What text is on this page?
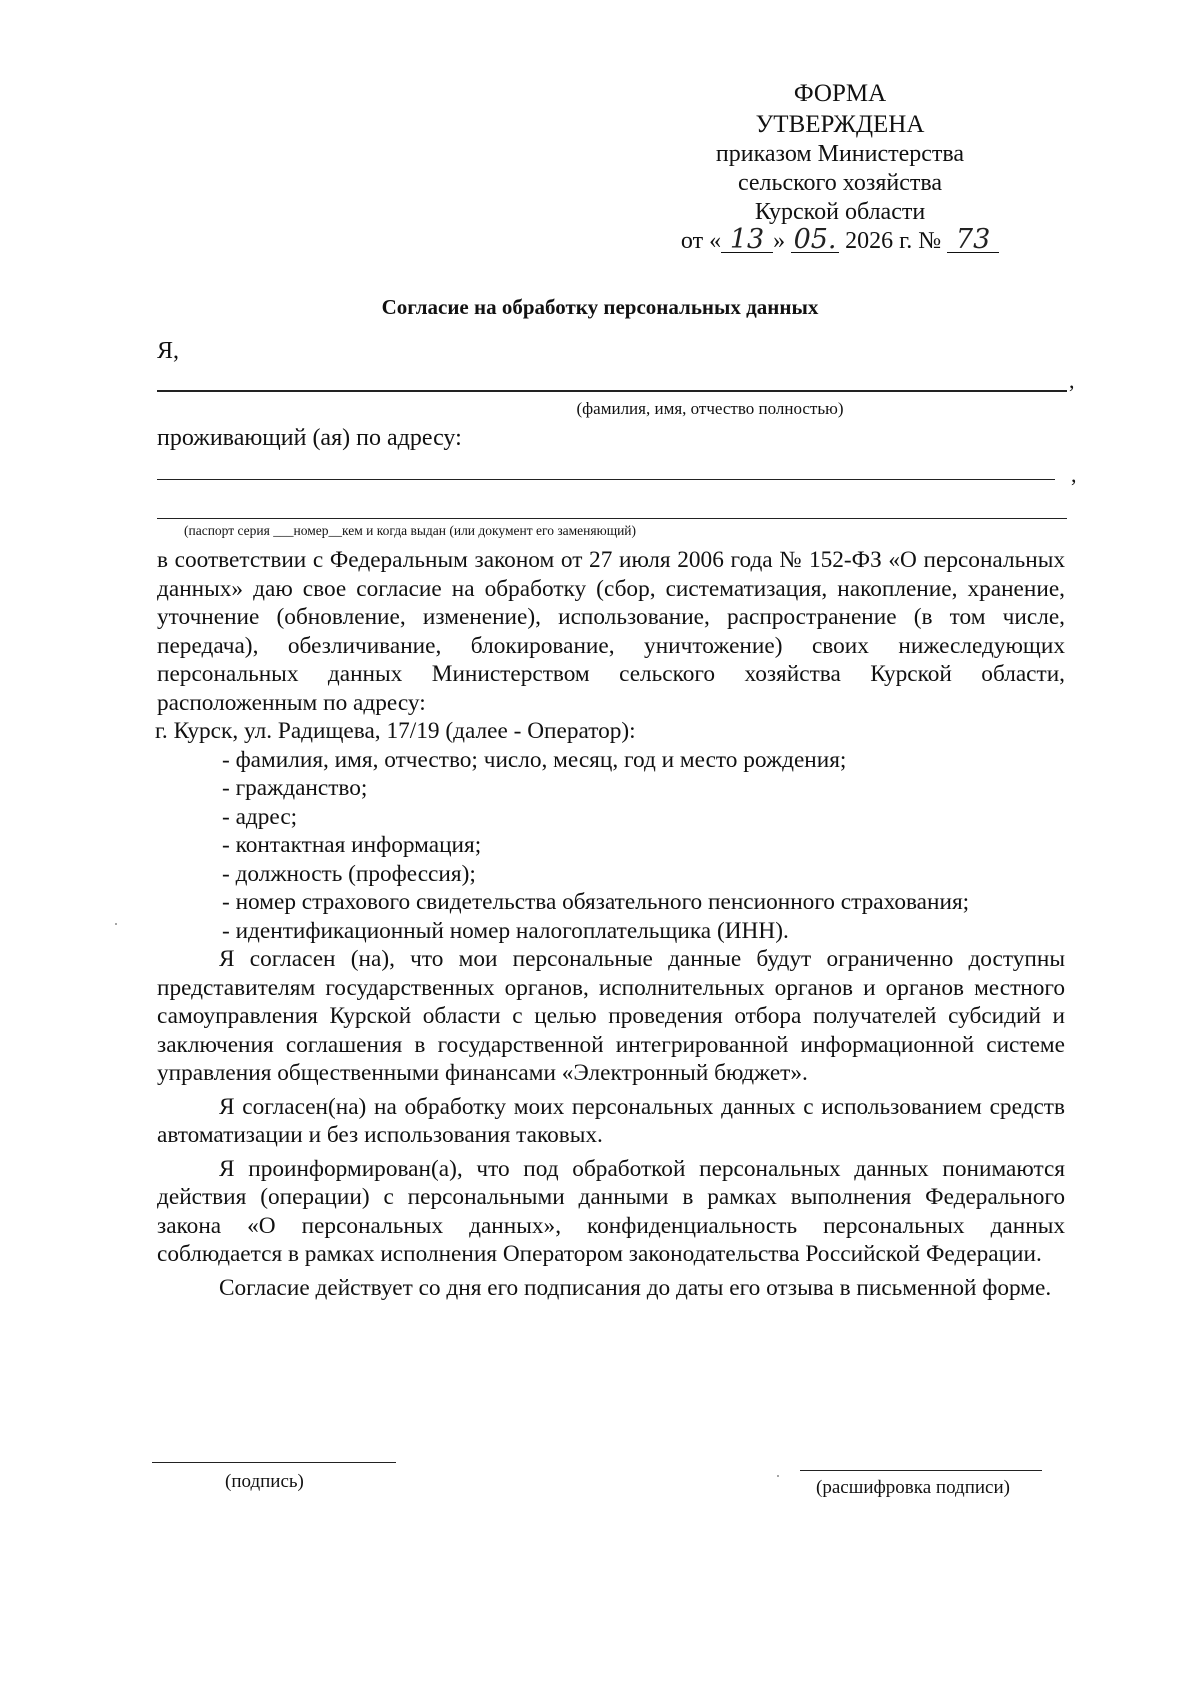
ФОРМА
УТВЕРЖДЕНА
приказом Министерства
сельского хозяйства
Курской области
от « 13 » 05. 2026 г. № 73
Согласие на обработку персональных данных
Я,
,
(фамилия, имя, отчество полностью)
проживающий (ая) по адресу:
,
(паспорт серия ___номер__кем и когда выдан (или документ его заменяющий)

в соответствии с Федеральным законом от 27 июля 2006 года № 152-ФЗ «О персональных данных» даю свое согласие на обработку (сбор, систематизация, накопление, хранение, уточнение (обновление, изменение), использование, распространение (в том числе, передача), обезличивание, блокирование, уничтожение) своих нижеследующих персональных данных Министерством сельского хозяйства Курской области, расположенным по адресу:

г. Курск, ул. Радищева, 17/19 (далее - Оператор):

- фамилия, имя, отчество; число, месяц, год и место рождения;
- гражданство;
- адрес;
- контактная информация;
- должность (профессия);
- номер страхового свидетельства обязательного пенсионного страхования;
- идентификационный номер налогоплательщика (ИНН).

Я согласен (на), что мои персональные данные будут ограниченно доступны представителям государственных органов, исполнительных органов и органов местного самоуправления Курской области с целью проведения отбора получателей субсидий и заключения соглашения в государственной интегрированной информационной системе управления общественными финансами «Электронный бюджет».

Я согласен(на) на обработку моих персональных данных с использованием средств автоматизации и без использования таковых.

Я проинформирован(а), что под обработкой персональных данных понимаются действия (операции) с персональными данными в рамках выполнения Федерального закона «О персональных данных», конфиденциальность персональных данных соблюдается в рамках исполнения Оператором законодательства Российской Федерации.

Согласие действует со дня его подписания до даты его отзыва в письменной форме.

(подпись)	(расшифровка подписи)
